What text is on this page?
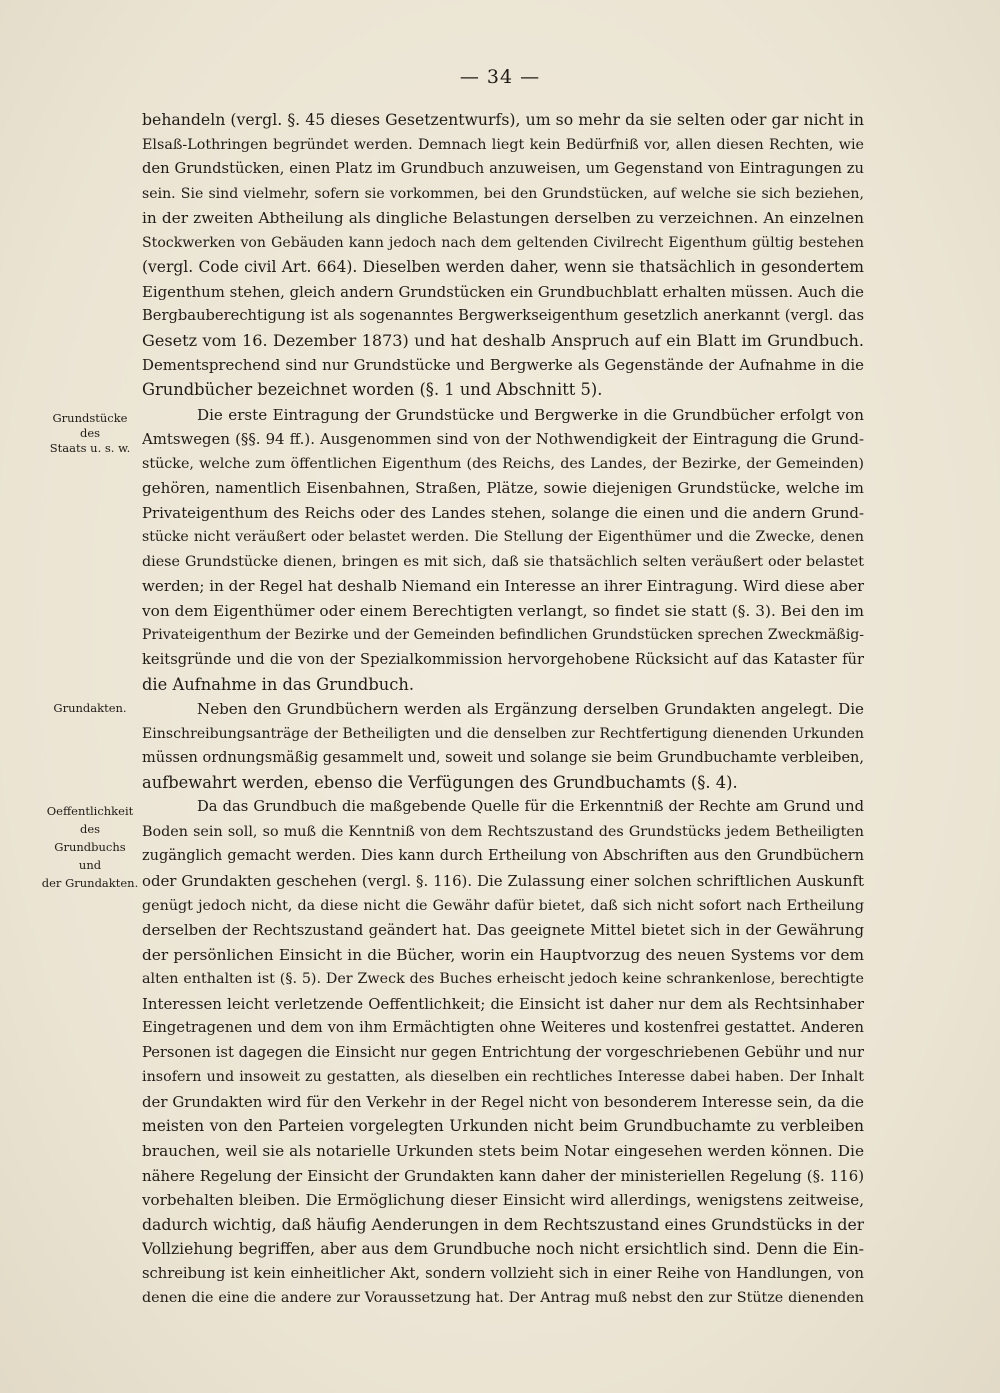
— 34 —
Grundstücke
des
Staats u. s. w.
Grundakten.
Oeffentlichkeit
des
Grundbuchs
und
der Grundakten.
behandeln (vergl. §. 45 dieses Gesetzentwurfs), um so mehr da sie selten oder gar nicht in
Elsaß-Lothringen begründet werden. Demnach liegt kein Bedürfniß vor, allen diesen Rechten, wie
den Grundstücken, einen Platz im Grundbuch anzuweisen, um Gegenstand von Eintragungen zu
sein. Sie sind vielmehr, sofern sie vorkommen, bei den Grundstücken, auf welche sie sich beziehen,
in der zweiten Abtheilung als dingliche Belastungen derselben zu verzeichnen. An einzelnen
Stockwerken von Gebäuden kann jedoch nach dem geltenden Civilrecht Eigenthum gültig bestehen
(vergl. Code civil Art. 664). Dieselben werden daher, wenn sie thatsächlich in gesondertem
Eigenthum stehen, gleich andern Grundstücken ein Grundbuchblatt erhalten müssen. Auch die
Bergbauberechtigung ist als sogenanntes Bergwerkseigenthum gesetzlich anerkannt (vergl. das
Gesetz vom 16. Dezember 1873) und hat deshalb Anspruch auf ein Blatt im Grundbuch.
Dementsprechend sind nur Grundstücke und Bergwerke als Gegenstände der Aufnahme in die
Grundbücher bezeichnet worden (§. 1 und Abschnitt 5).
Die erste Eintragung der Grundstücke und Bergwerke in die Grundbücher erfolgt von
Amtswegen (§§. 94 ff.). Ausgenommen sind von der Nothwendigkeit der Eintragung die Grund-
stücke, welche zum öffentlichen Eigenthum (des Reichs, des Landes, der Bezirke, der Gemeinden)
gehören, namentlich Eisenbahnen, Straßen, Plätze, sowie diejenigen Grundstücke, welche im
Privateigenthum des Reichs oder des Landes stehen, solange die einen und die andern Grund-
stücke nicht veräußert oder belastet werden. Die Stellung der Eigenthümer und die Zwecke, denen
diese Grundstücke dienen, bringen es mit sich, daß sie thatsächlich selten veräußert oder belastet
werden; in der Regel hat deshalb Niemand ein Interesse an ihrer Eintragung. Wird diese aber
von dem Eigenthümer oder einem Berechtigten verlangt, so findet sie statt (§. 3). Bei den im
Privateigenthum der Bezirke und der Gemeinden befindlichen Grundstücken sprechen Zweckmäßig-
keitsgründe und die von der Spezialkommission hervorgehobene Rücksicht auf das Kataster für
die Aufnahme in das Grundbuch.
Neben den Grundbüchern werden als Ergänzung derselben Grundakten angelegt. Die
Einschreibungsanträge der Betheiligten und die denselben zur Rechtfertigung dienenden Urkunden
müssen ordnungsmäßig gesammelt und, soweit und solange sie beim Grundbuchamte verbleiben,
aufbewahrt werden, ebenso die Verfügungen des Grundbuchamts (§. 4).
Da das Grundbuch die maßgebende Quelle für die Erkenntniß der Rechte am Grund und
Boden sein soll, so muß die Kenntniß von dem Rechtszustand des Grundstücks jedem Betheiligten
zugänglich gemacht werden. Dies kann durch Ertheilung von Abschriften aus den Grundbüchern
oder Grundakten geschehen (vergl. §. 116). Die Zulassung einer solchen schriftlichen Auskunft
genügt jedoch nicht, da diese nicht die Gewähr dafür bietet, daß sich nicht sofort nach Ertheilung
derselben der Rechtszustand geändert hat. Das geeignete Mittel bietet sich in der Gewährung
der persönlichen Einsicht in die Bücher, worin ein Hauptvorzug des neuen Systems vor dem
alten enthalten ist (§. 5). Der Zweck des Buches erheischt jedoch keine schrankenlose, berechtigte
Interessen leicht verletzende Oeffentlichkeit; die Einsicht ist daher nur dem als Rechtsinhaber
Eingetragenen und dem von ihm Ermächtigten ohne Weiteres und kostenfrei gestattet. Anderen
Personen ist dagegen die Einsicht nur gegen Entrichtung der vorgeschriebenen Gebühr und nur
insofern und insoweit zu gestatten, als dieselben ein rechtliches Interesse dabei haben. Der Inhalt
der Grundakten wird für den Verkehr in der Regel nicht von besonderem Interesse sein, da die
meisten von den Parteien vorgelegten Urkunden nicht beim Grundbuchamte zu verbleiben
brauchen, weil sie als notarielle Urkunden stets beim Notar eingesehen werden können. Die
nähere Regelung der Einsicht der Grundakten kann daher der ministeriellen Regelung (§. 116)
vorbehalten bleiben. Die Ermöglichung dieser Einsicht wird allerdings, wenigstens zeitweise,
dadurch wichtig, daß häufig Aenderungen in dem Rechtszustand eines Grundstücks in der
Vollziehung begriffen, aber aus dem Grundbuche noch nicht ersichtlich sind. Denn die Ein-
schreibung ist kein einheitlicher Akt, sondern vollzieht sich in einer Reihe von Handlungen, von
denen die eine die andere zur Voraussetzung hat. Der Antrag muß nebst den zur Stütze dienenden
